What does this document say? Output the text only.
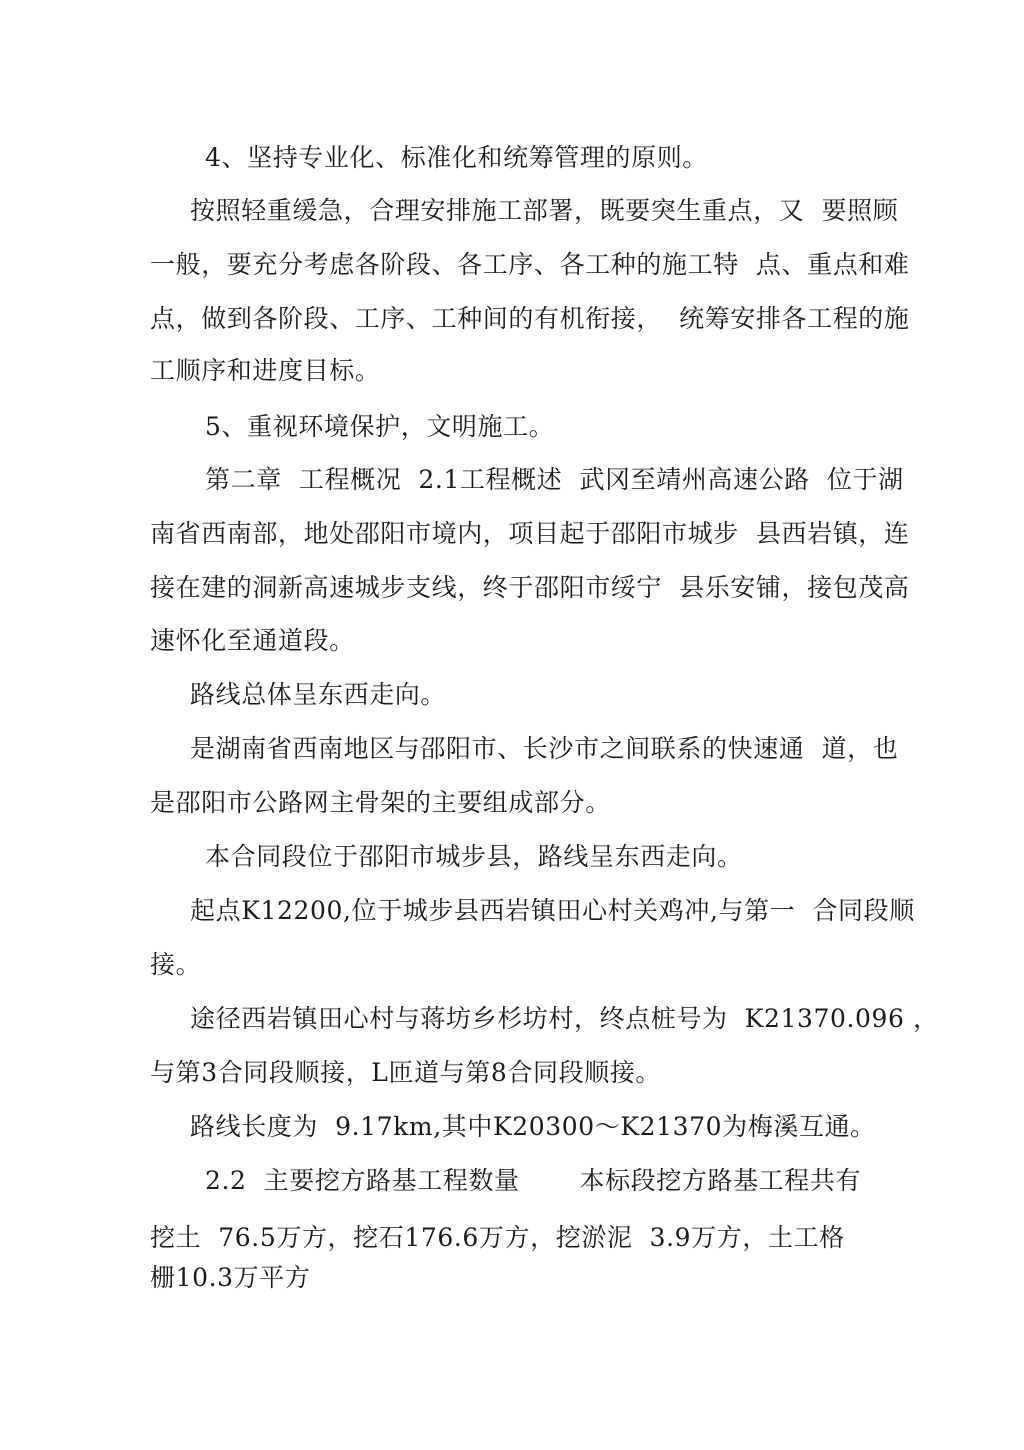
4、坚持专业化、标准化和统筹管理的原则。
按照轻重缓急，合理安排施工部署，既要突生重点，又  要照顾
一般，要充分考虑各阶段、各工序、各工种的施工特  点、重点和难
点，做到各阶段、工序、工种间的有机衔接，  统筹安排各工程的施
工顺序和进度目标。
5、重视环境保护，文明施工。
第二章  工程概况  2.1工程概述  武冈至靖州高速公路  位于湖
南省西南部，地处邵阳市境内，项目起于邵阳市城步  县西岩镇，连
接在建的洞新高速城步支线，终于邵阳市绥宁  县乐安铺，接包茂高
速怀化至通道段。
路线总体呈东西走向。
是湖南省西南地区与邵阳市、长沙市之间联系的快速通  道，也
是邵阳市公路网主骨架的主要组成部分。
本合同段位于邵阳市城步县，路线呈东西走向。
起点K12200,位于城步县西岩镇田心村关鸡冲,与第一  合同段顺
接。
途径西岩镇田心村与蒋坊乡杉坊村，终点桩号为  K21370.096 ，
与第3合同段顺接，L匝道与第8合同段顺接。
路线长度为  9.17km,其中K20300～K21370为梅溪互通。
2.2  主要挖方路基工程数量       本标段挖方路基工程共有
挖土  76.5万方，挖石176.6万方，挖淤泥  3.9万方，土工格
栅10.3万平方
